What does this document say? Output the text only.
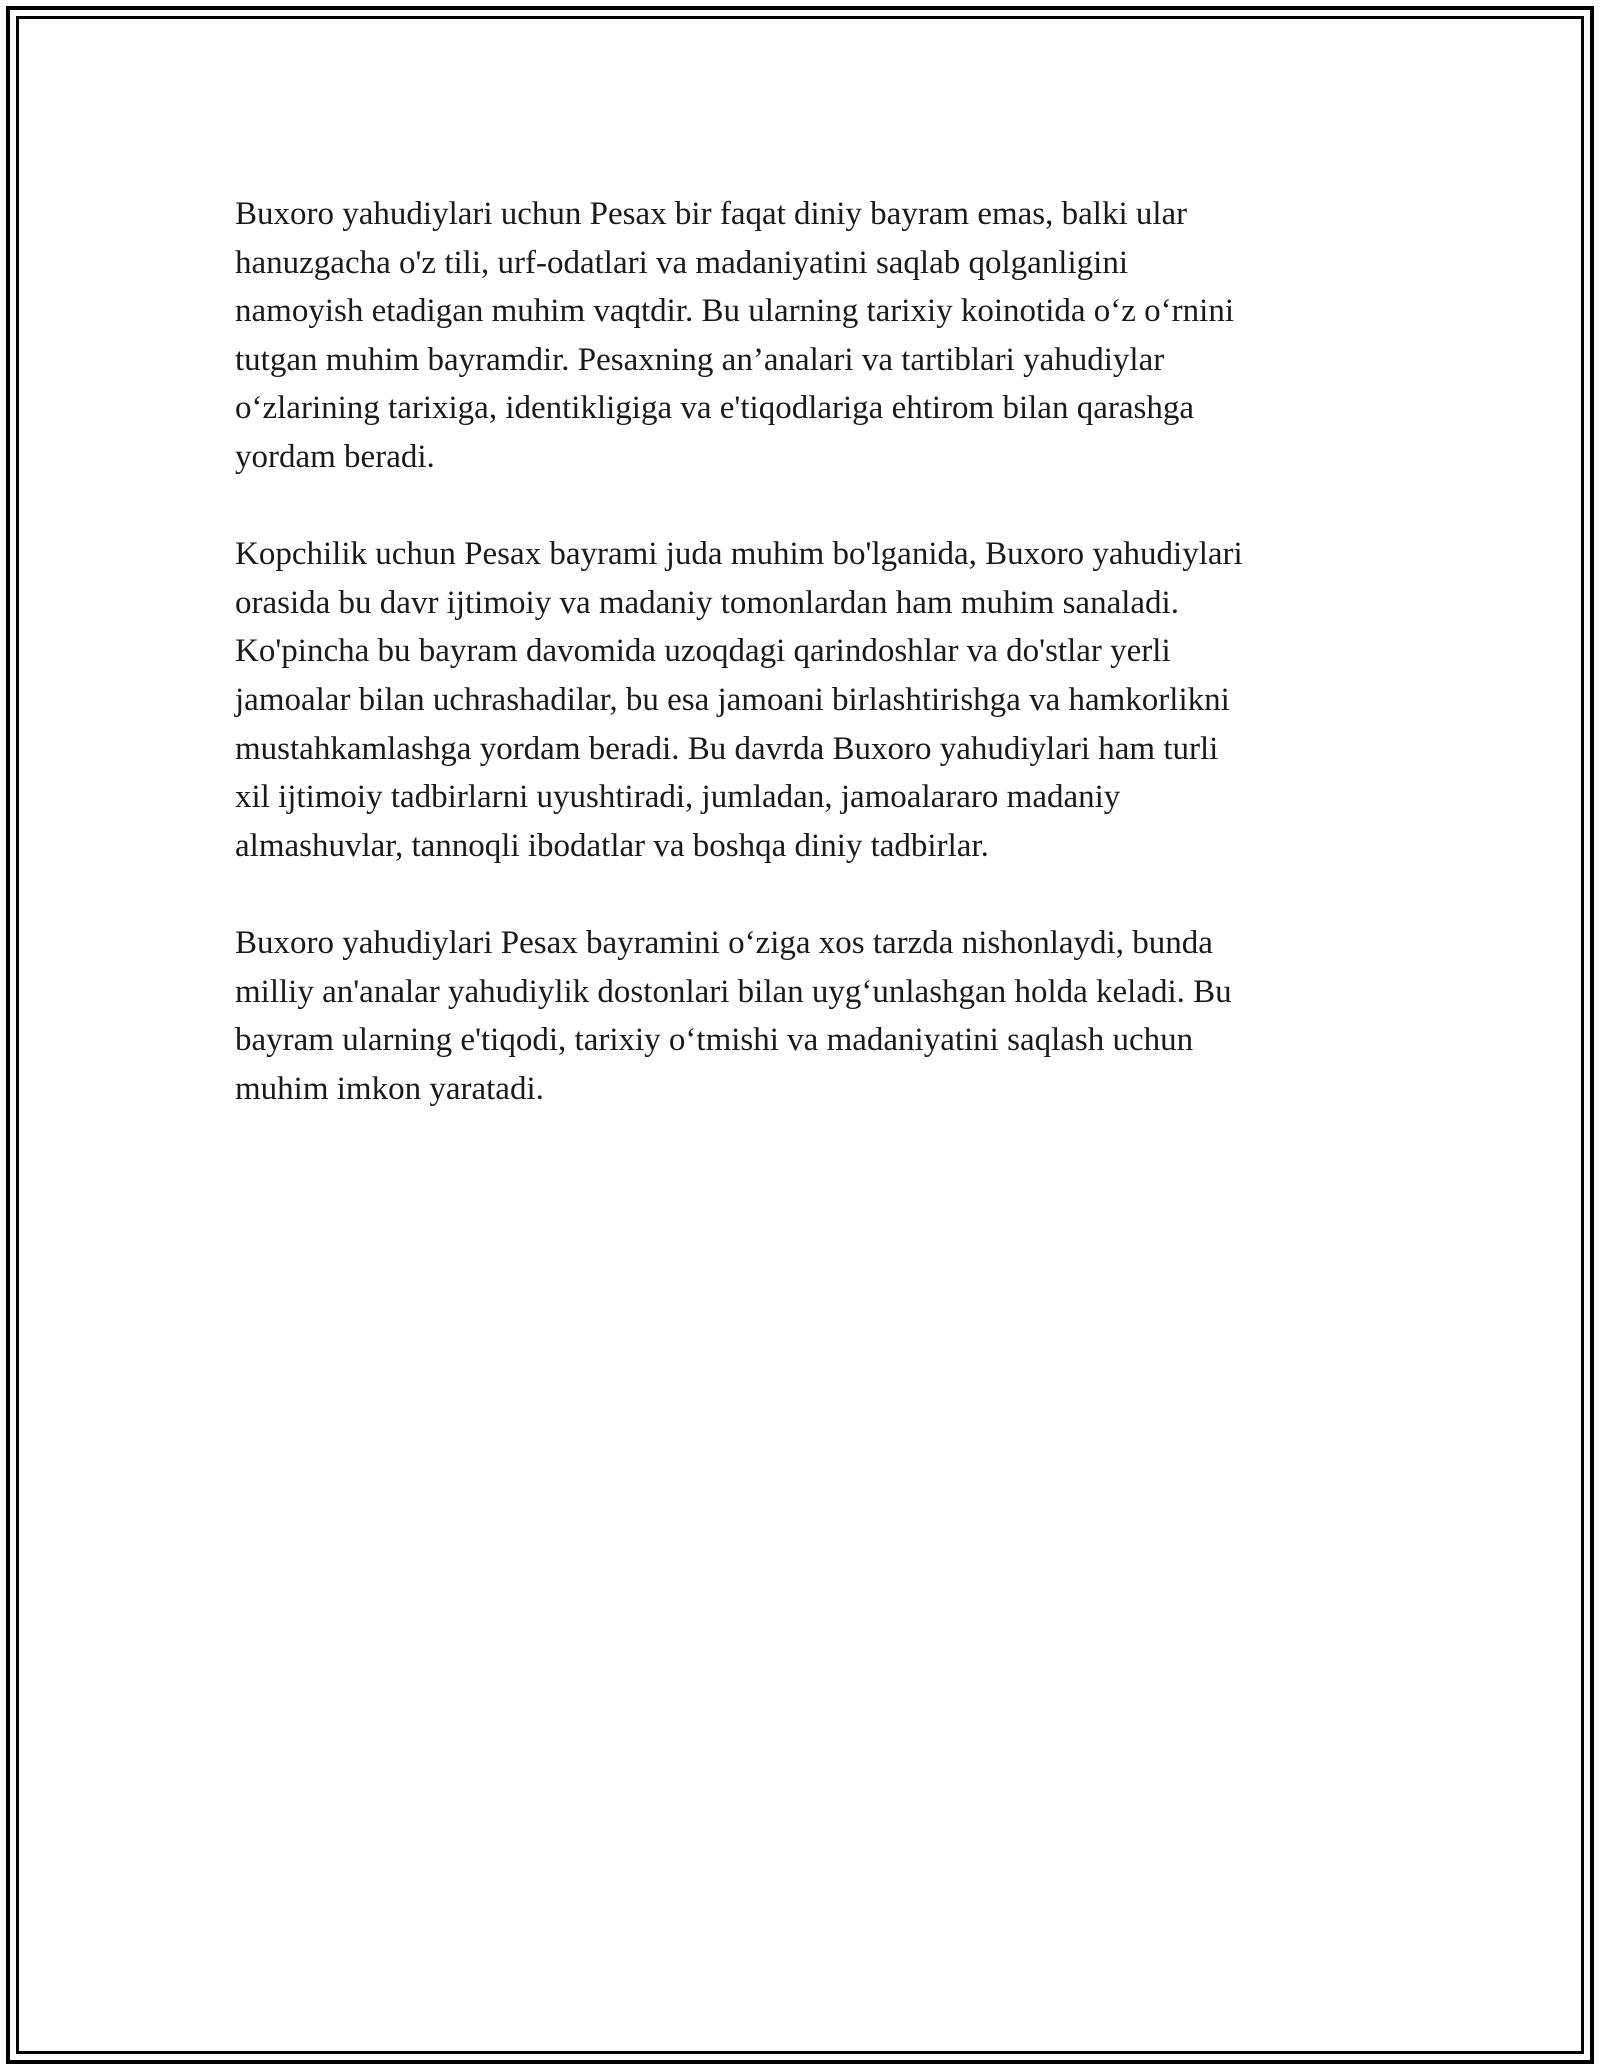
Buxoro yahudiylari uchun Pesax bir faqat diniy bayram emas, balki ular
hanuzgacha o'z tili, urf-odatlari va madaniyatini saqlab qolganligini
namoyish etadigan muhim vaqtdir. Bu ularning tarixiy koinotida o‘z o‘rnini
tutgan muhim bayramdir. Pesaxning an’analari va tartiblari yahudiylar
o‘zlarining tarixiga, identikligiga va e'tiqodlariga ehtirom bilan qarashga
yordam beradi.

Kopchilik uchun Pesax bayrami juda muhim bo'lganida, Buxoro yahudiylari
orasida bu davr ijtimoiy va madaniy tomonlardan ham muhim sanaladi.
Ko'pincha bu bayram davomida uzoqdagi qarindoshlar va do'stlar yerli
jamoalar bilan uchrashadilar, bu esa jamoani birlashtirishga va hamkorlikni
mustahkamlashga yordam beradi. Bu davrda Buxoro yahudiylari ham turli
xil ijtimoiy tadbirlarni uyushtiradi, jumladan, jamoalararo madaniy
almashuvlar, tannoqli ibodatlar va boshqa diniy tadbirlar.

Buxoro yahudiylari Pesax bayramini o‘ziga xos tarzda nishonlaydi, bunda
milliy an'analar yahudiylik dostonlari bilan uyg‘unlashgan holda keladi. Bu
bayram ularning e'tiqodi, tarixiy o‘tmishi va madaniyatini saqlash uchun
muhim imkon yaratadi.
